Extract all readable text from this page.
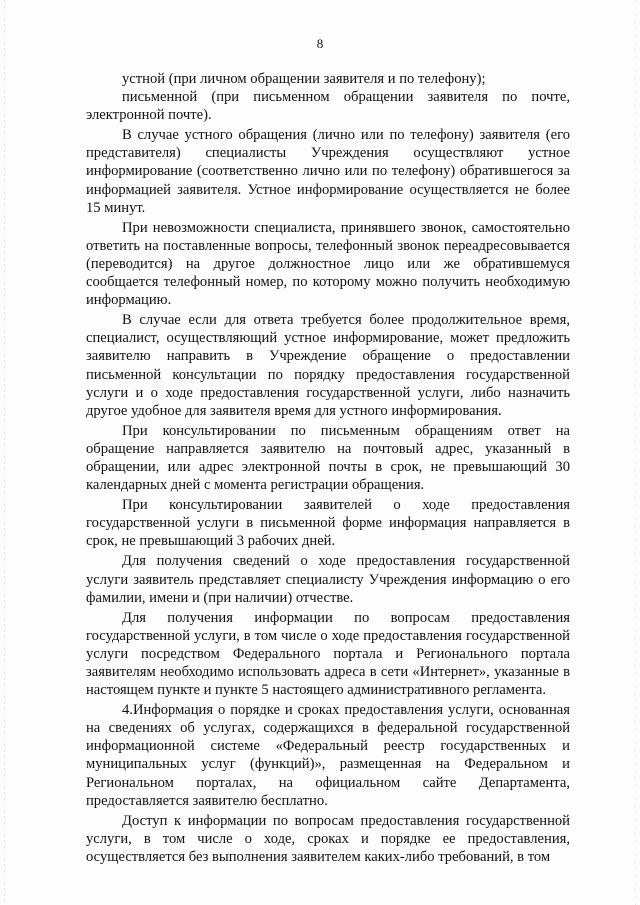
8

устной (при личном обращении заявителя и по телефону);

письменной (при письменном обращении заявителя по почте, электронной почте).

В случае устного обращения (лично или по телефону) заявителя (его представителя) специалисты Учреждения осуществляют устное информирование (соответственно лично или по телефону) обратившегося за информацией заявителя. Устное информирование осуществляется не более 15 минут.

При невозможности специалиста, принявшего звонок, самостоятельно ответить на поставленные вопросы, телефонный звонок переадресовывается (переводится) на другое должностное лицо или же обратившемуся сообщается телефонный номер, по которому можно получить необходимую информацию.

В случае если для ответа требуется более продолжительное время, специалист, осуществляющий устное информирование, может предложить заявителю направить в Учреждение обращение о предоставлении письменной консультации по порядку предоставления государственной услуги и о ходе предоставления государственной услуги, либо назначить другое удобное для заявителя время для устного информирования.

При консультировании по письменным обращениям ответ на обращение направляется заявителю на почтовый адрес, указанный в обращении, или адрес электронной почты в срок, не превышающий 30 календарных дней с момента регистрации обращения.

При консультировании заявителей о ходе предоставления государственной услуги в письменной форме информация направляется в срок, не превышающий 3 рабочих дней.

Для получения сведений о ходе предоставления государственной услуги заявитель представляет специалисту Учреждения информацию о его фамилии, имени и (при наличии) отчестве.

Для получения информации по вопросам предоставления государственной услуги, в том числе о ходе предоставления государственной услуги посредством Федерального портала и Регионального портала заявителям необходимо использовать адреса в сети «Интернет», указанные в настоящем пункте и пункте 5 настоящего административного регламента.

4.Информация о порядке и сроках предоставления услуги, основанная на сведениях об услугах, содержащихся в федеральной государственной информационной системе «Федеральный реестр государственных и муниципальных услуг (функций)», размещенная на Федеральном и Региональном порталах, на официальном сайте Департамента, предоставляется заявителю бесплатно.

Доступ к информации по вопросам предоставления государственной услуги, в том числе о ходе, сроках и порядке ее предоставления, осуществляется без выполнения заявителем каких-либо требований, в том
